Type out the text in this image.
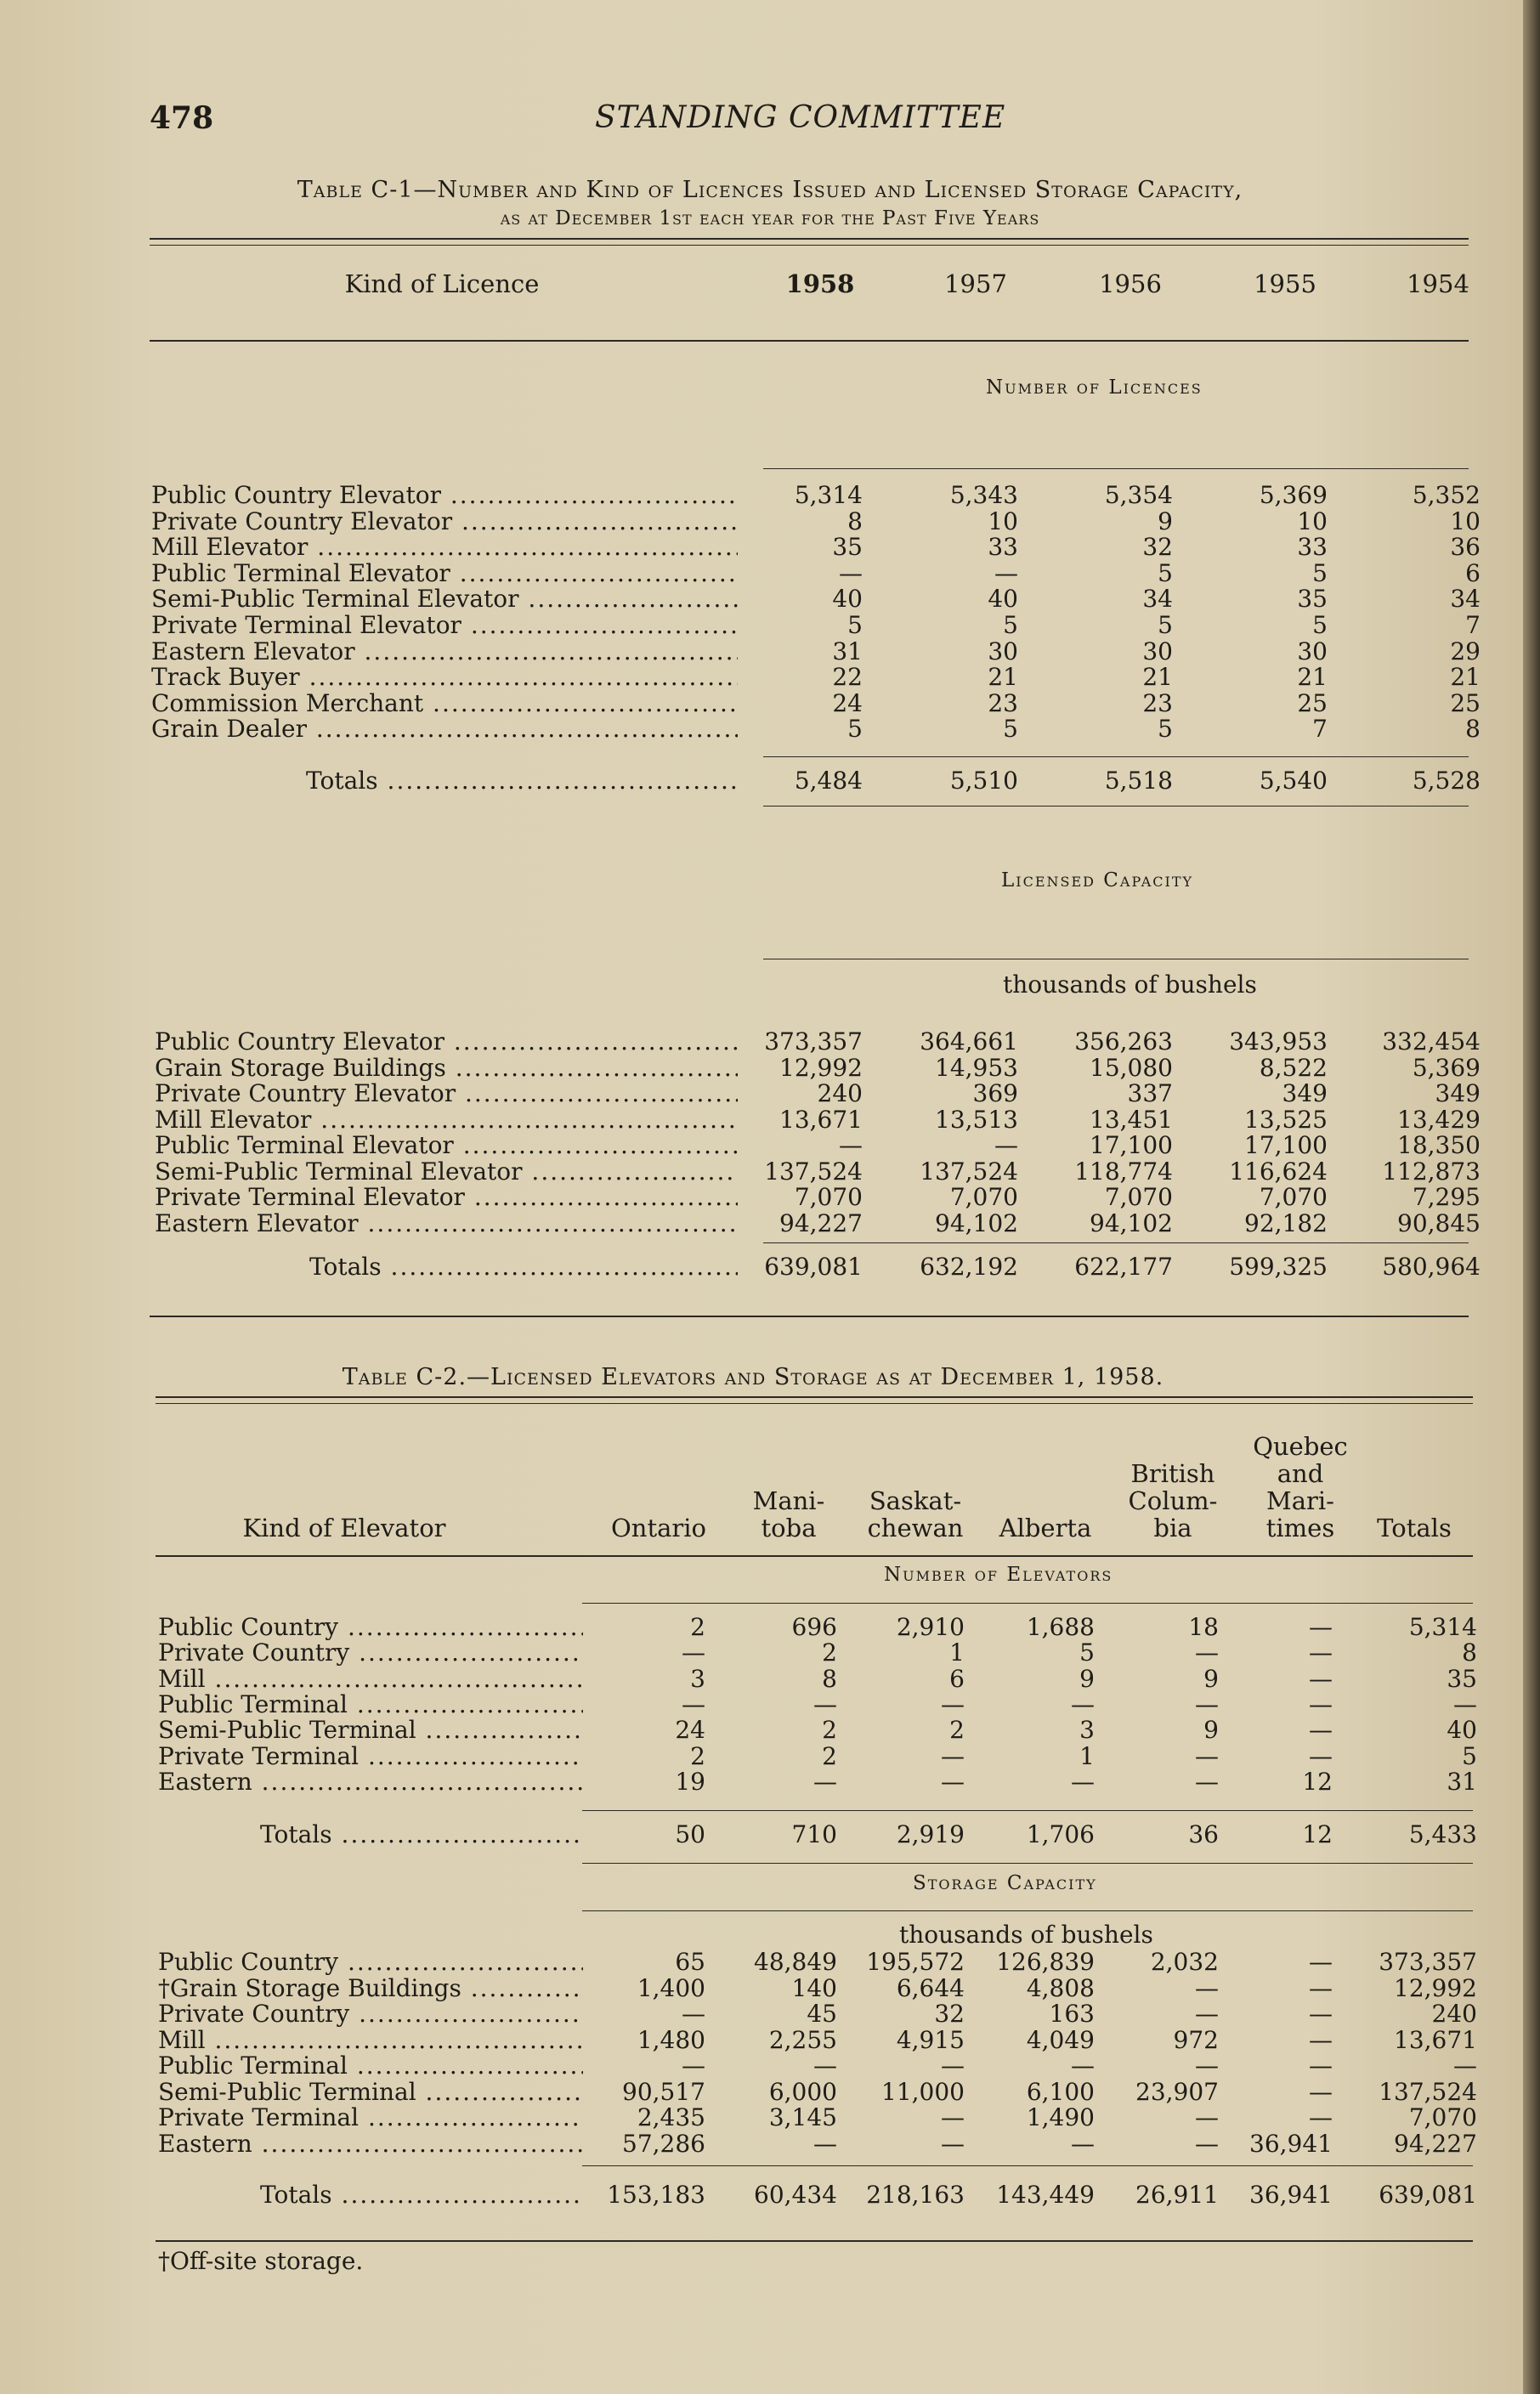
478	STANDING COMMITTEE
Table C-1—Number and Kind of Licences Issued and Licensed Storage Capacity,
as at December 1st each year for the Past Five Years
Kind of Licence	1958	1957	1956	1955	1954
Number of Licences
Public Country Elevator .....	5,314	5,343	5,354	5,369	5,352
Private Country Elevator .....	8	10	9	10	10
Mill Elevator .....	35	33	32	33	36
Public Terminal Elevator .....	—	—	5	5	6
Semi-Public Terminal Elevator .....	40	40	34	35	34
Private Terminal Elevator .....	5	5	5	5	7
Eastern Elevator .....	31	30	30	30	29
Track Buyer .....	22	21	21	21	21
Commission Merchant .....	24	23	23	25	25
Grain Dealer .....	5	5	5	7	8
Totals .....	5,484	5,510	5,518	5,540	5,528
Licensed Capacity
thousands of bushels
Public Country Elevator .....	373,357 364,661 356,263 343,953 332,454
Grain Storage Buildings .....	12,992	14,953	15,080	8,522	5,369
Private Country Elevator .....	240	369	337	349	349
Mill Elevator .....	13,671	13,513	13,451	13,525	13,429
Public Terminal Elevator .....	—	—	17,100	17,100	18,350
Semi-Public Terminal Elevator .....	137,524 137,524 118,774 116,624 112,873
Private Terminal Elevator .....	7,070	7,070	7,070	7,070	7,295
Eastern Elevator .....	94,227	94,102	94,102	92,182	90,845
Totals .....	639,081 632,192 622,177 599,325 580,964
Table C-2.—Licensed Elevators and Storage as at December 1, 1958.
Kind of Elevator	Ontario
Mani-
toba
Saskat-
chewan	Alberta
British
Colum-
bia
Quebec
and
Mari-
times	Totals
Number of Elevators
Public Country .....	2	696 2,910	1,688	18	—	5,314
Private Country .....	—	2	1	5	—	—	8
Mill .....	3	8	6	9	9	—	35
Public Terminal .....	—	—	—	—	—	—	—
Semi-Public Terminal .....	24	2	2	3	9	—	40
Private Terminal .....	2	2	—	1	—	—	5
Eastern .....	19	—	—	—	—	12	31
Totals .....	50	710 2,919	1,706	36	12	5,433
Storage Capacity
thousands of bushels
Public Country .....	65 48,849 195,572 126,839 2,032	— 373,357
†Grain Storage Buildings .....	1,400	140 6,644	4,808	—	—	12,992
Private Country .....	—	45	32	163	—	—	240
Mill .....	1,480	2,255 4,915	4,049	972	—	13,671
Public Terminal .....	—	—	—	—	—	—	—
Semi-Public Terminal .....	90,517	6,000 11,000	6,100 23,907	— 137,524
Private Terminal .....	2,435	3,145	—	1,490	—	—	7,070
Eastern .....	57,286	—	—	—	— 36,941	94,227
Totals .....	153,183 60,434 218,163 143,449 26,911 36,941 639,081
†Off-site storage.
